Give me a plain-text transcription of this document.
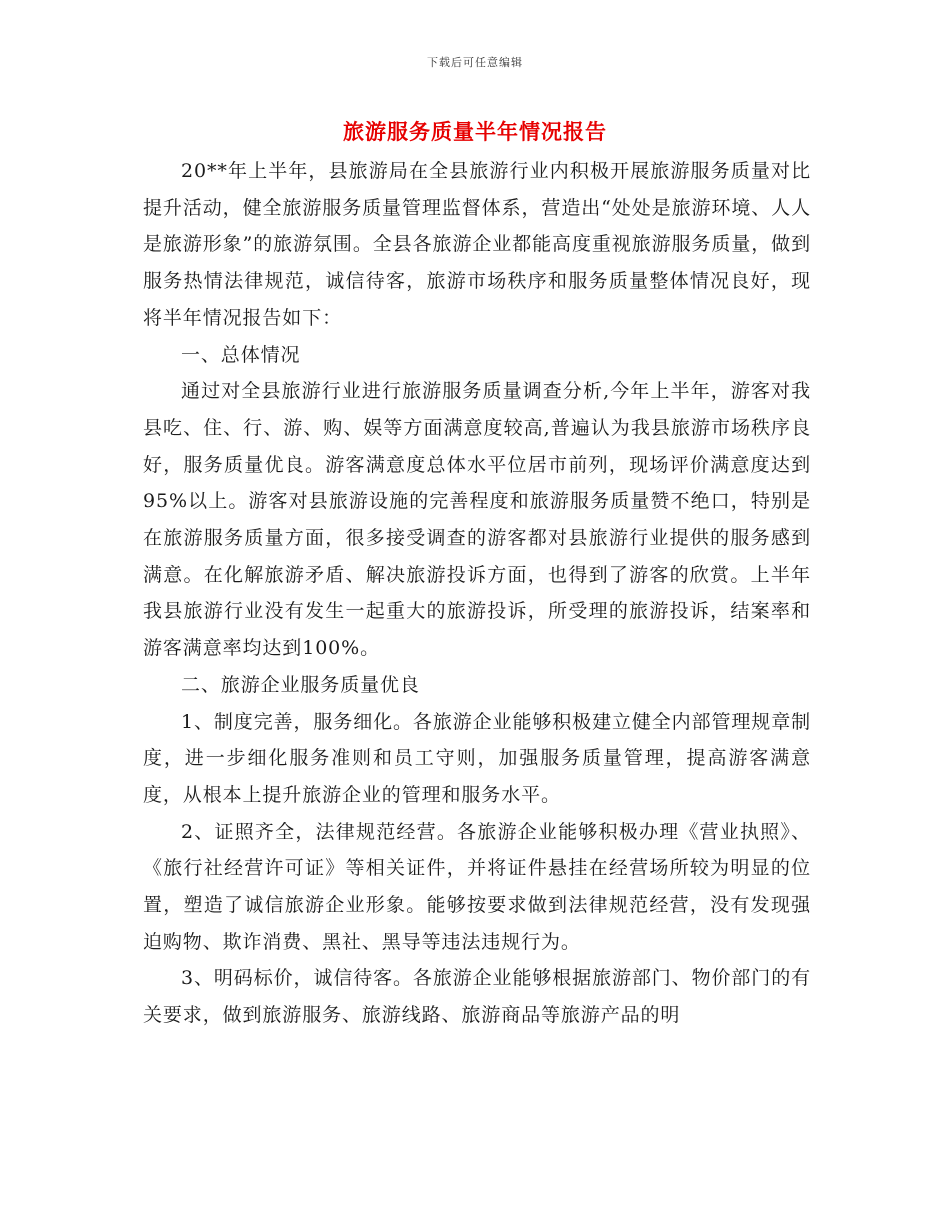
下载后可任意编辑
旅游服务质量半年情况报告

20**年上半年，县旅游局在全县旅游行业内积极开展旅游服务质量对比提升活动，健全旅游服务质量管理监督体系，营造出“处处是旅游环境、人人是旅游形象”的旅游氛围。全县各旅游企业都能高度重视旅游服务质量，做到服务热情法律规范，诚信待客，旅游市场秩序和服务质量整体情况良好，现将半年情况报告如下：

一、总体情况

通过对全县旅游行业进行旅游服务质量调查分析,今年上半年，游客对我县吃、住、行、游、购、娱等方面满意度较高,普遍认为我县旅游市场秩序良好，服务质量优良。游客满意度总体水平位居市前列，现场评价满意度达到95%以上。游客对县旅游设施的完善程度和旅游服务质量赞不绝口，特别是在旅游服务质量方面，很多接受调查的游客都对县旅游行业提供的服务感到满意。在化解旅游矛盾、解决旅游投诉方面，也得到了游客的欣赏。上半年我县旅游行业没有发生一起重大的旅游投诉，所受理的旅游投诉，结案率和游客满意率均达到100%。

二、旅游企业服务质量优良

1、制度完善，服务细化。各旅游企业能够积极建立健全内部管理规章制度，进一步细化服务准则和员工守则，加强服务质量管理，提高游客满意度，从根本上提升旅游企业的管理和服务水平。

2、证照齐全，法律规范经营。各旅游企业能够积极办理《营业执照》、《旅行社经营许可证》等相关证件，并将证件悬挂在经营场所较为明显的位置，塑造了诚信旅游企业形象。能够按要求做到法律规范经营，没有发现强迫购物、欺诈消费、黑社、黑导等违法违规行为。

3、明码标价，诚信待客。各旅游企业能够根据旅游部门、物价部门的有关要求，做到旅游服务、旅游线路、旅游商品等旅游产品的明
